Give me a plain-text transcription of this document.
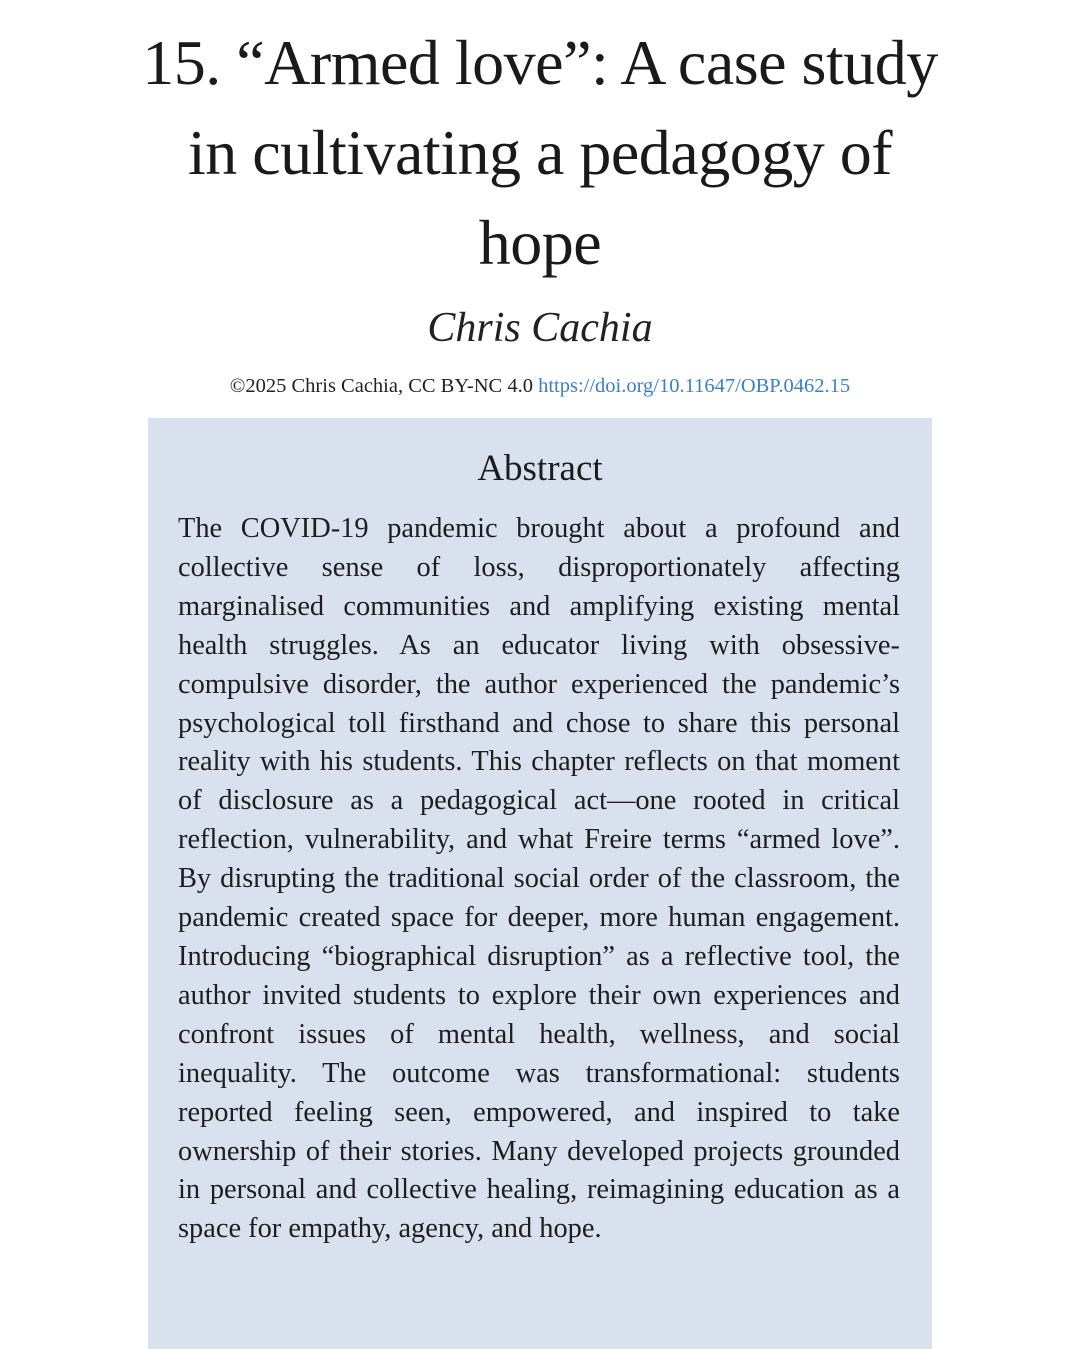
15. “Armed love”: A case study in cultivating a pedagogy of hope
Chris Cachia
©2025 Chris Cachia, CC BY-NC 4.0 https://doi.org/10.11647/OBP.0462.15
Abstract

The COVID-19 pandemic brought about a profound and collective sense of loss, disproportionately affecting marginalised communities and amplifying existing mental health struggles. As an educator living with obsessive-compulsive disorder, the author experienced the pandemic’s psychological toll firsthand and chose to share this personal reality with his students. This chapter reflects on that moment of disclosure as a pedagogical act—one rooted in critical reflection, vulnerability, and what Freire terms “armed love”. By disrupting the traditional social order of the classroom, the pandemic created space for deeper, more human engagement. Introducing “biographical disruption” as a reflective tool, the author invited students to explore their own experiences and confront issues of mental health, wellness, and social inequality. The outcome was transformational: students reported feeling seen, empowered, and inspired to take ownership of their stories. Many developed projects grounded in personal and collective healing, reimagining education as a space for empathy, agency, and hope.
